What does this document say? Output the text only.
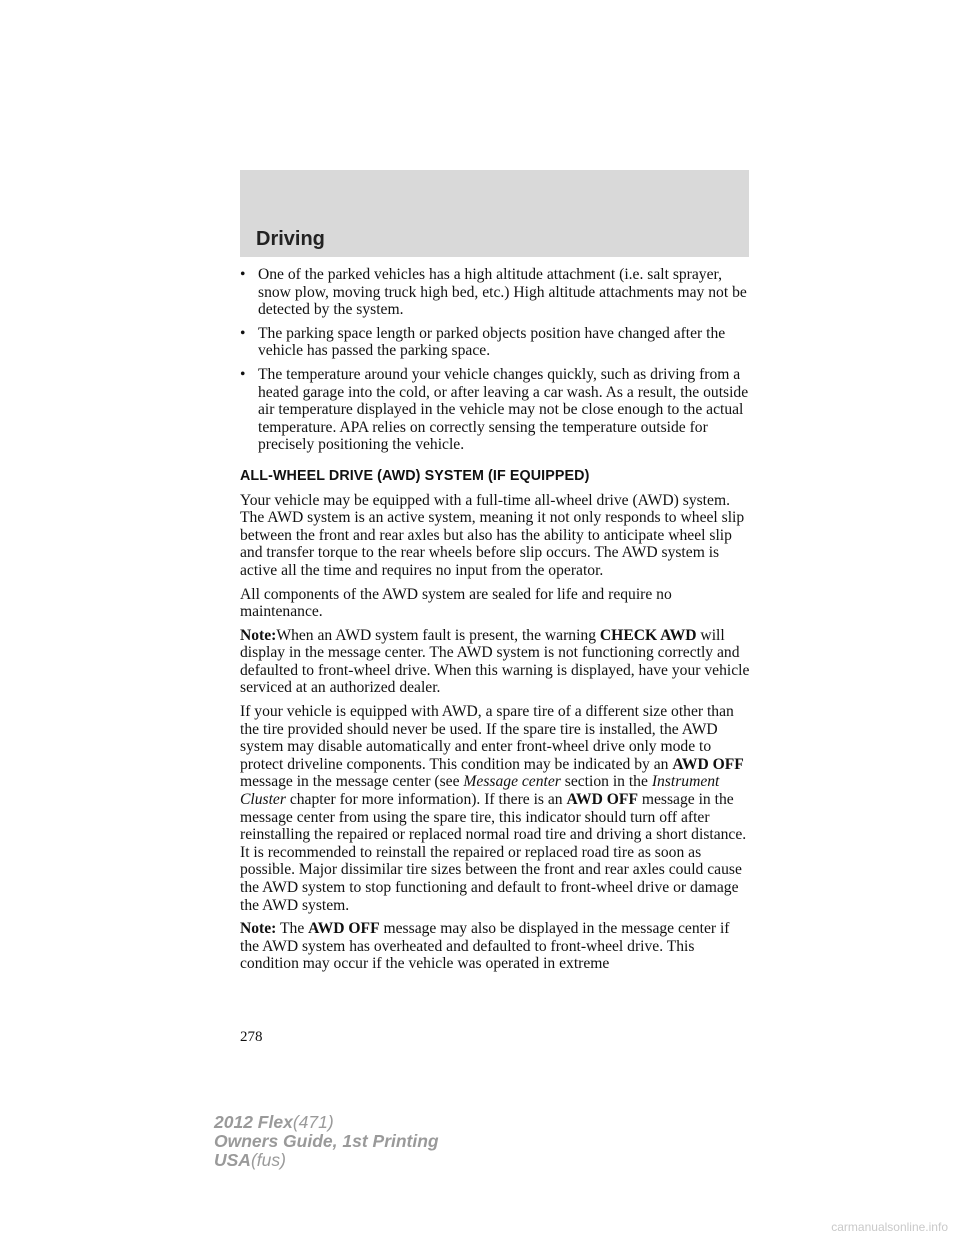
Driving
• One of the parked vehicles has a high altitude attachment (i.e. salt sprayer, snow plow, moving truck high bed, etc.) High altitude attachments may not be detected by the system.
• The parking space length or parked objects position have changed after the vehicle has passed the parking space.
• The temperature around your vehicle changes quickly, such as driving from a heated garage into the cold, or after leaving a car wash. As a result, the outside air temperature displayed in the vehicle may not be close enough to the actual temperature. APA relies on correctly sensing the temperature outside for precisely positioning the vehicle.
ALL-WHEEL DRIVE (AWD) SYSTEM (IF EQUIPPED)

Your vehicle may be equipped with a full-time all-wheel drive (AWD) system. The AWD system is an active system, meaning it not only responds to wheel slip between the front and rear axles but also has the ability to anticipate wheel slip and transfer torque to the rear wheels before slip occurs. The AWD system is active all the time and requires no input from the operator.

All components of the AWD system are sealed for life and require no maintenance.

Note:When an AWD system fault is present, the warning CHECK AWD will display in the message center. The AWD system is not functioning correctly and defaulted to front-wheel drive. When this warning is displayed, have your vehicle serviced at an authorized dealer.

If your vehicle is equipped with AWD, a spare tire of a different size other than the tire provided should never be used. If the spare tire is installed, the AWD system may disable automatically and enter front-wheel drive only mode to protect driveline components. This condition may be indicated by an AWD OFF message in the message center (see Message center section in the Instrument Cluster chapter for more information). If there is an AWD OFF message in the message center from using the spare tire, this indicator should turn off after reinstalling the repaired or replaced normal road tire and driving a short distance. It is recommended to reinstall the repaired or replaced road tire as soon as possible. Major dissimilar tire sizes between the front and rear axles could cause the AWD system to stop functioning and default to front-wheel drive or damage the AWD system.

Note: The AWD OFF message may also be displayed in the message center if the AWD system has overheated and defaulted to front-wheel drive. This condition may occur if the vehicle was operated in extreme

278
2012 Flex(471)
Owners Guide, 1st Printing
USA(fus)
carmanualsonline.info
